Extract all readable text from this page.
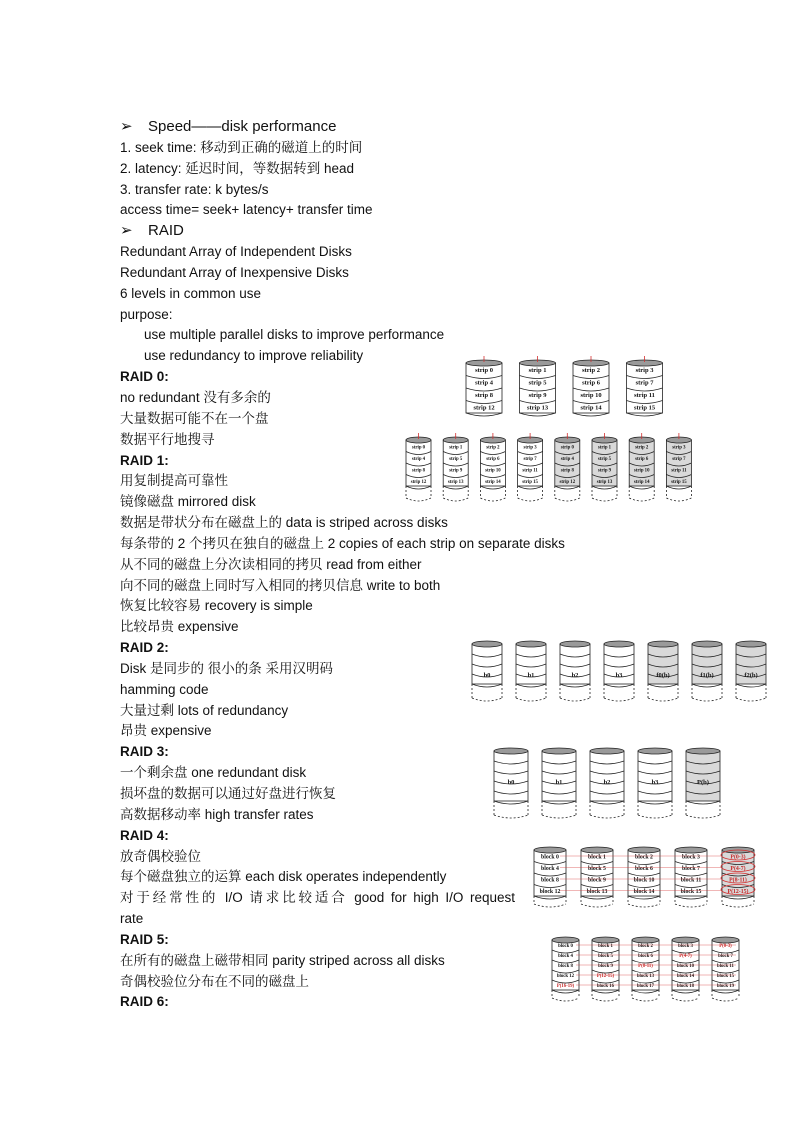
➢ Speed——disk performance
1. seek time: 移动到正确的磁道上的时间
2. latency: 延迟时间，等数据转到 head
3. transfer rate: k bytes/s
access time= seek+ latency+ transfer time
➢ RAID
Redundant Array of Independent Disks
Redundant Array of Inexpensive Disks
6 levels in common use
purpose:
use multiple parallel disks to improve performance
use redundancy to improve reliability
RAID 0:
no redundant 没有多余的
大量数据可能不在一个盘
数据平行地搜寻
RAID 1:
用复制提高可靠性
镜像磁盘 mirrored disk
数据是带状分布在磁盘上的 data is striped across disks
每条带的 2 个拷贝在独自的磁盘上 2 copies of each strip on separate disks
从不同的磁盘上分次读相同的拷贝 read from either
向不同的磁盘上同时写入相同的拷贝信息 write to both
恢复比较容易 recovery is simple
比较昂贵 expensive
RAID 2:
Disk 是同步的 很小的条 采用汉明码
hamming code
大量过剩 lots of redundancy
昂贵 expensive
RAID 3:
一个剩余盘 one redundant disk
损坏盘的数据可以通过好盘进行恢复
高数据移动率 high transfer rates
RAID 4:
放奇偶校验位
每个磁盘独立的运算 each disk operates independently
对于经常性的 I/O 请求比较适合 good for high I/O request
rate
RAID 5:
在所有的磁盘上磁带相同 parity striped across all disks
奇偶校验位分布在不同的磁盘上
RAID 6:
strip 0
strip 4
strip 8
strip 12
strip 1
strip 5
strip 9
strip 13
strip 2
strip 6
strip 10
strip 14
strip 3
strip 7
strip 11
strip 15
strip 0
strip 4
strip 8
strip 12
strip 1
strip 5
strip 9
strip 13
strip 2
strip 6
strip 10
strip 14
strip 3
strip 7
strip 11
strip 15
strip 0
strip 4
strip 8
strip 12
strip 1
strip 5
strip 9
strip 13
strip 2
strip 6
strip 10
strip 14
strip 3
strip 7
strip 11
strip 15
b0	b1	b2	b3	f0(b)	f1(b)	f2(b)
b0	b1	b2	b3	P(b)
block 0
block 4
block 8
block 12
block 1
block 5
block 9
block 13
block 2
block 6
block 10
block 14
block 3
block 7
block 11
block 15
P(0-3)
P(4-7)
P(8-11)
P(12-15)
block 0
block 4
block 8
block 12
P(16-19)
block 1
block 5
block 9
P(12-15)
block 16
block 2
block 6
P(8-11)
block 13
block 17
block 3
P(4-7)
block 10
block 14
block 18
P(0-3)
block 7
block 11
block 15
block 19
